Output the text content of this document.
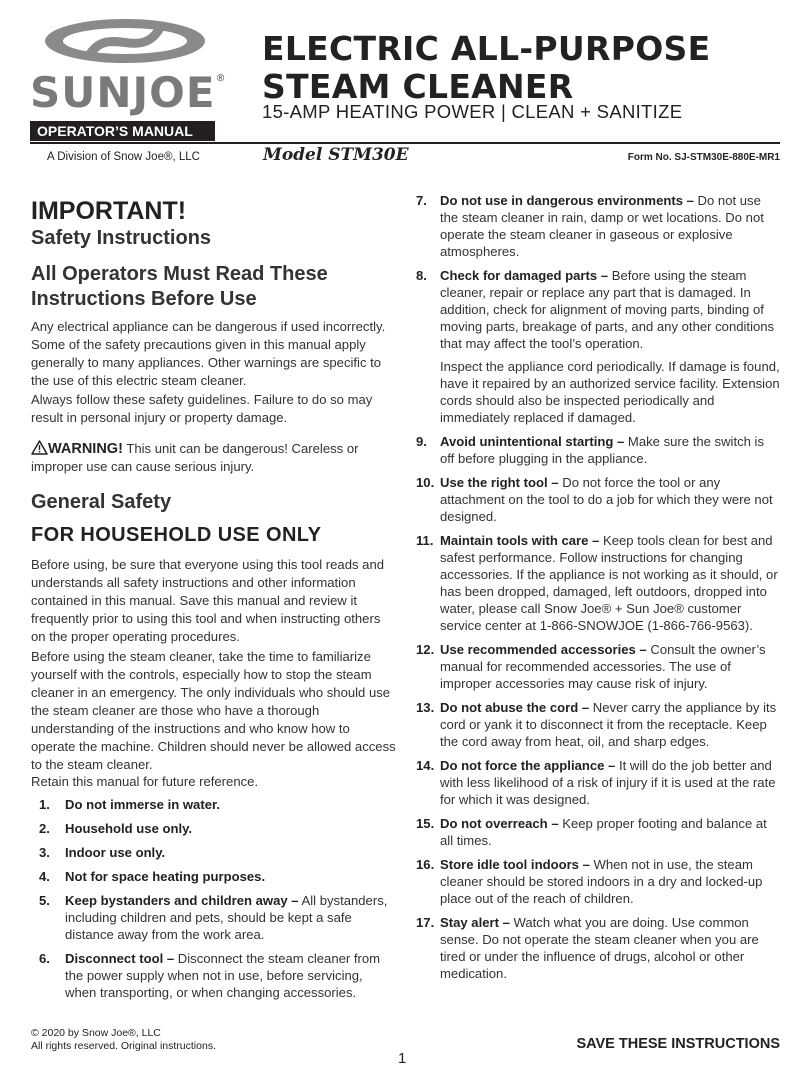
SUNJOE®
ELECTRIC ALL-PURPOSE
STEAM CLEANER
15-AMP HEATING POWER | CLEAN + SANITIZE
OPERATOR’S MANUAL
A Division of Snow Joe®, LLC	Model STM30E	Form No. SJ-STM30E-880E-MR1
IMPORTANT!
Safety Instructions
All Operators Must Read These Instructions Before Use
Any electrical appliance can be dangerous if used incorrectly. Some of the safety precautions given in this manual apply generally to many appliances. Other warnings are specific to the use of this electric steam cleaner.
Always follow these safety guidelines. Failure to do so may result in personal injury or property damage.
WARNING! This unit can be dangerous! Careless or improper use can cause serious injury.
General Safety
FOR HOUSEHOLD USE ONLY
Before using, be sure that everyone using this tool reads and understands all safety instructions and other information contained in this manual. Save this manual and review it frequently prior to using this tool and when instructing others on the proper operating procedures.
Before using the steam cleaner, take the time to familiarize yourself with the controls, especially how to stop the steam cleaner in an emergency. The only individuals who should use the steam cleaner are those who have a thorough understanding of the instructions and who know how to operate the machine. Children should never be allowed access to the steam cleaner.
Retain this manual for future reference.
1. Do not immerse in water.
2. Household use only.
3. Indoor use only.
4. Not for space heating purposes.
5. Keep bystanders and children away – All bystanders, including children and pets, should be kept a safe distance away from the work area.
6. Disconnect tool – Disconnect the steam cleaner from the power supply when not in use, before servicing, when transporting, or when changing accessories.
7. Do not use in dangerous environments – Do not use the steam cleaner in rain, damp or wet locations. Do not operate the steam cleaner in gaseous or explosive atmospheres.
8. Check for damaged parts – Before using the steam cleaner, repair or replace any part that is damaged. In addition, check for alignment of moving parts, binding of moving parts, breakage of parts, and any other conditions that may affect the tool’s operation.
Inspect the appliance cord periodically. If damage is found, have it repaired by an authorized service facility. Extension cords should also be inspected periodically and immediately replaced if damaged.
9. Avoid unintentional starting – Make sure the switch is off before plugging in the appliance.
10. Use the right tool – Do not force the tool or any attachment on the tool to do a job for which they were not designed.
11. Maintain tools with care – Keep tools clean for best and safest performance. Follow instructions for changing accessories. If the appliance is not working as it should, or has been dropped, damaged, left outdoors, dropped into water, please call Snow Joe® + Sun Joe® customer service center at 1-866-SNOWJOE (1-866-766-9563).
12. Use recommended accessories – Consult the owner’s manual for recommended accessories. The use of improper accessories may cause risk of injury.
13. Do not abuse the cord – Never carry the appliance by its cord or yank it to disconnect it from the receptacle. Keep the cord away from heat, oil, and sharp edges.
14. Do not force the appliance – It will do the job better and with less likelihood of a risk of injury if it is used at the rate for which it was designed.
15. Do not overreach – Keep proper footing and balance at all times.
16. Store idle tool indoors – When not in use, the steam cleaner should be stored indoors in a dry and locked-up place out of the reach of children.
17. Stay alert – Watch what you are doing. Use common sense. Do not operate the steam cleaner when you are tired or under the influence of drugs, alcohol or other medication.
© 2020 by Snow Joe®, LLC
All rights reserved. Original instructions.	SAVE THESE INSTRUCTIONS
1
